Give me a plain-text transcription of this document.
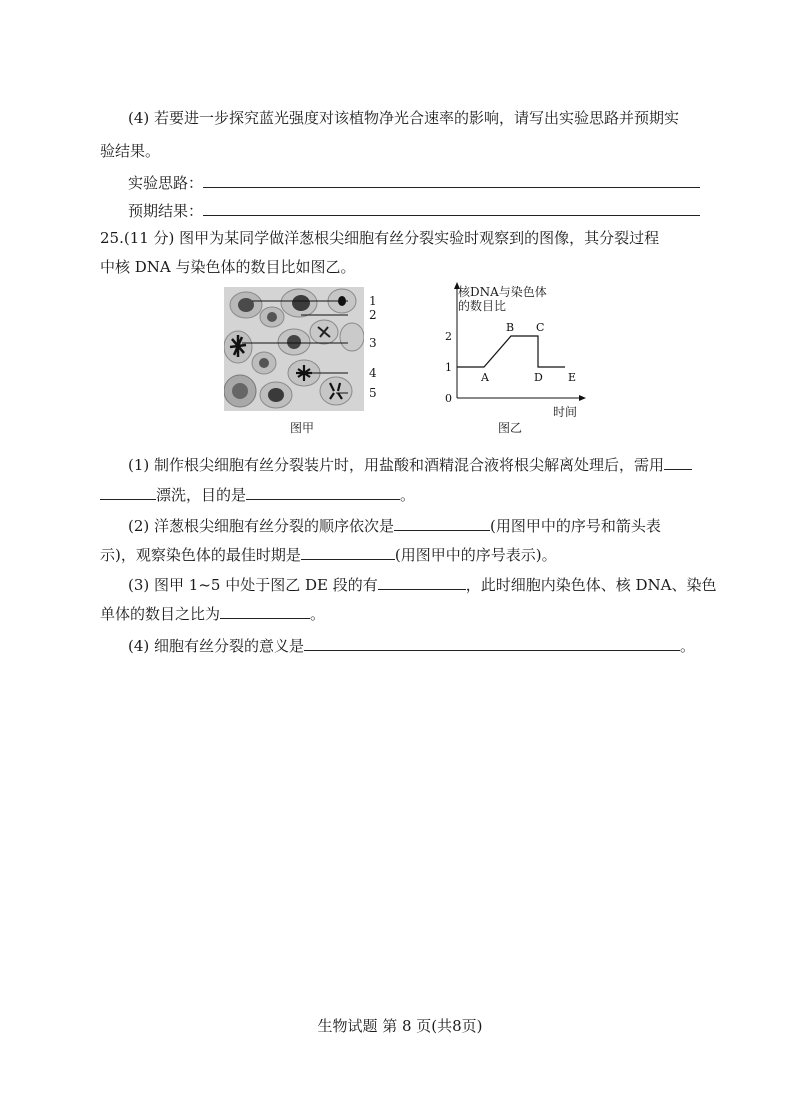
(4) 若要进一步探究蓝光强度对该植物净光合速率的影响，请写出实验思路并预期实
验结果。
实验思路：
预期结果：
25.(11 分) 图甲为某同学做洋葱根尖细胞有丝分裂实验时观察到的图像，其分裂过程
中核 DNA 与染色体的数目比如图乙。
1
2
3
4
5
图甲
0
1
2
A
B C
D E
核DNA与染色体
的数目比
时间
图乙
(1) 制作根尖细胞有丝分裂装片时，用盐酸和酒精混合液将根尖解离处理后，需用
漂洗，目的是	。
(2) 洋葱根尖细胞有丝分裂的顺序依次是	(用图甲中的序号和箭头表
示)，观察染色体的最佳时期是	(用图甲中的序号表示)。
(3) 图甲 1~5 中处于图乙 DE 段的有	，此时细胞内染色体、核 DNA、染色
单体的数目之比为	。
(4) 细胞有丝分裂的意义是	。
生物试题 第 8 页(共8页)
